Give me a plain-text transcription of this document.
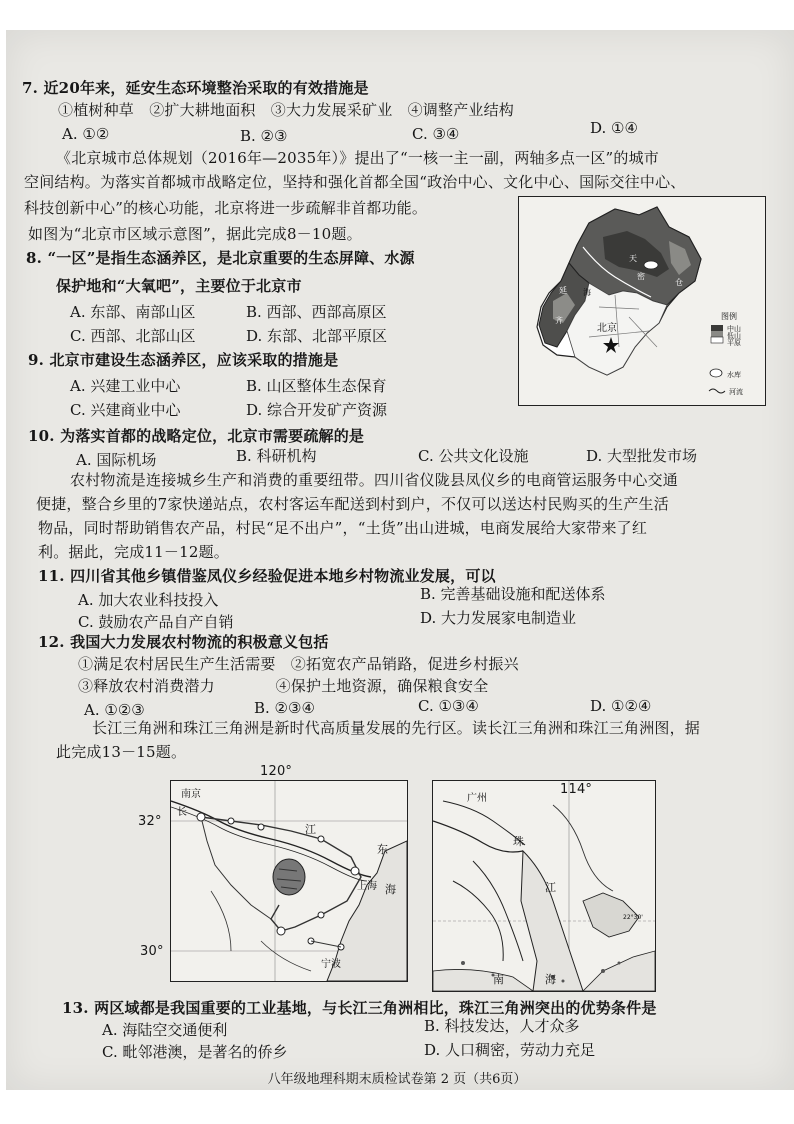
7. 近20年来，延安生态环境整治采取的有效措施是
①植树种草　②扩大耕地面积　③大力发展采矿业　④调整产业结构
A. ①②	B. ②③	C. ③④	D. ①④
《北京城市总体规划（2016年—2035年）》提出了“一核一主一副，两轴多点一区”的城市
空间结构。为落实首都城市战略定位，坚持和强化首都全国“政治中心、文化中心、国际交往中心、
科技创新中心”的核心功能，北京将进一步疏解非首都功能。
如图为“北京市区域示意图”，据此完成8－10题。
8. “一区”是指生态涵养区，是北京重要的生态屏障、水源
保护地和“大氧吧”，主要位于北京市
A. 东部、南部山区	B. 西部、西部高原区
C. 西部、北部山区	D. 东部、北部平原区
9. 北京市建设生态涵养区，应该采取的措施是
A. 兴建工业中心	B. 山区整体生态保育
C. 兴建商业中心	D. 综合开发矿产资源
北京
天
仓
延 海
齐
密
图例
中山
低山
平原
水库
河流
10. 为落实首都的战略定位，北京市需要疏解的是
A. 国际机场	B. 科研机构	C. 公共文化设施	D. 大型批发市场
农村物流是连接城乡生产和消费的重要纽带。四川省仪陇县凤仪乡的电商管运服务中心交通
便捷，整合乡里的7家快递站点，农村客运车配送到村到户，不仅可以送达村民购买的生产生活
物品，同时帮助销售农产品，村民“足不出户”，“土货”出山进城，电商发展给大家带来了红
利。据此，完成11－12题。
11. 四川省其他乡镇借鉴凤仪乡经验促进本地乡村物流业发展，可以
A. 加大农业科技投入	B. 完善基础设施和配送体系
C. 鼓励农产品自产自销	D. 大力发展家电制造业
12. 我国大力发展农村物流的积极意义包括
①满足农村居民生产生活需要　②拓宽农产品销路，促进乡村振兴
③释放农村消费潜力　　　　④保护土地资源，确保粮食安全
A. ①②③	B. ②③④	C. ①③④	D. ①②④
长江三角洲和珠江三角洲是新时代高质量发展的先行区。读长江三角洲和珠江三角洲图，据
此完成13－15题。
南京
长
江
上海
东
海
宁波
120°
32°
30°
广州
珠
江
南	海
22°30'
114°
13. 两区域都是我国重要的工业基地，与长江三角洲相比，珠江三角洲突出的优势条件是
A. 海陆空交通便利	B. 科技发达，人才众多
C. 毗邻港澳，是著名的侨乡	D. 人口稠密，劳动力充足
八年级地理科期末质检试卷第 2 页（共6页）
